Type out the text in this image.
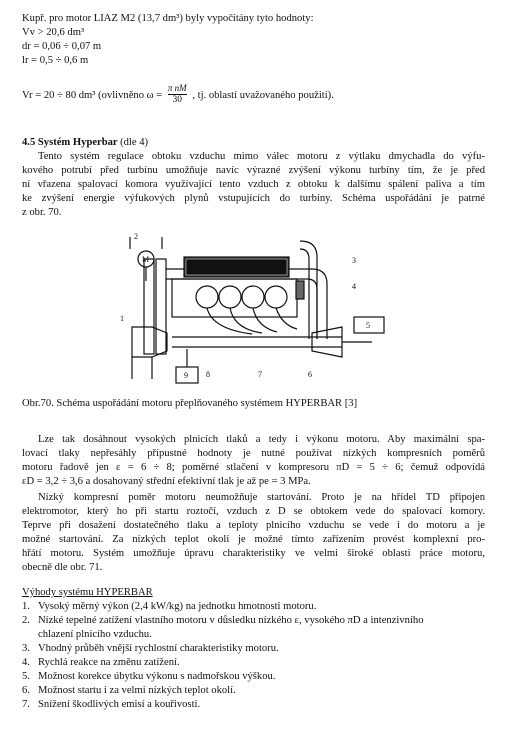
Kupř. pro motor LIAZ M2 (13,7 dm³) byly vypočítány tyto hodnoty:
Vv > 20,6 dm³
dr = 0,06 ÷ 0,07 m
lr = 0,5 ÷ 0,6 m
Vr = 20 ÷ 80 dm³ (ovlivněno $\omega = \frac{\text{π nM}}{30}$ , tj. oblastí uvažovaného použití).
4.5 Systém Hyperbar (dle 4)
Tento systém regulace obtoku vzduchu mimo válec motoru z výtlaku dmychadla do výfu-
kového potrubí před turbínu umožňuje navíc výrazné zvýšení výkonu turbíny tím, že je před
ní vřazena spalovací komora využívající tento vzduch z obtoku k dalšímu spálení paliva a tím
ke zvýšení energie výfukových plynů vstupujících do turbíny. Schéma uspořádání je patrné
z obr. 70.
M
1
2
3
4
5
6
7
8
9
Obr.70. Schéma uspořádání motoru přeplňovaného systémem HYPERBAR [3]
Lze tak dosáhnout vysokých plnicích tlaků a tedy i výkonu motoru. Aby maximální spa-
lovací tlaky nepřesáhly přípustné hodnoty je nutné používat nízkých kompresních poměrů
motoru řadově jen ε = 6 ÷ 8; poměrné stlačení v kompresoru πD = 5 ÷ 6; čemuž odpovídá
εD = 3,2 ÷ 3,6 a dosahovaný střední efektivní tlak je až pe = 3 MPa.
Nízký kompresní poměr motoru neumožňuje startování. Proto je na hřídel TD připojen
elektromotor, který ho při startu roztočí, vzduch z D se obtokem vede do spalovací komory.
Teprve při dosažení dostatečného tlaku a teploty plnicího vzduchu se vede i do motoru a je
možné startování. Za nízkých teplot okolí je možné tímto zařízením provést komplexní pro-
hřátí motoru. Systém umožňuje úpravu charakteristiky ve velmi široké oblasti práce motoru,
obecně dle obr. 71.
Výhody systému HYPERBAR
1. Vysoký měrný výkon (2,4 kW/kg) na jednotku hmotnosti motoru.
2. Nízké tepelné zatížení vlastního motoru v důsledku nízkého ε, vysokého πD a intenzivního
chlazení plnicího vzduchu.
3. Vhodný průběh vnější rychlostní charakteristiky motoru.
4. Rychlá reakce na změnu zatížení.
5. Možnost korekce úbytku výkonu s nadmořskou výškou.
6. Možnost startu i za velmi nízkých teplot okolí.
7. Snížení škodlivých emisí a kouřivosti.
